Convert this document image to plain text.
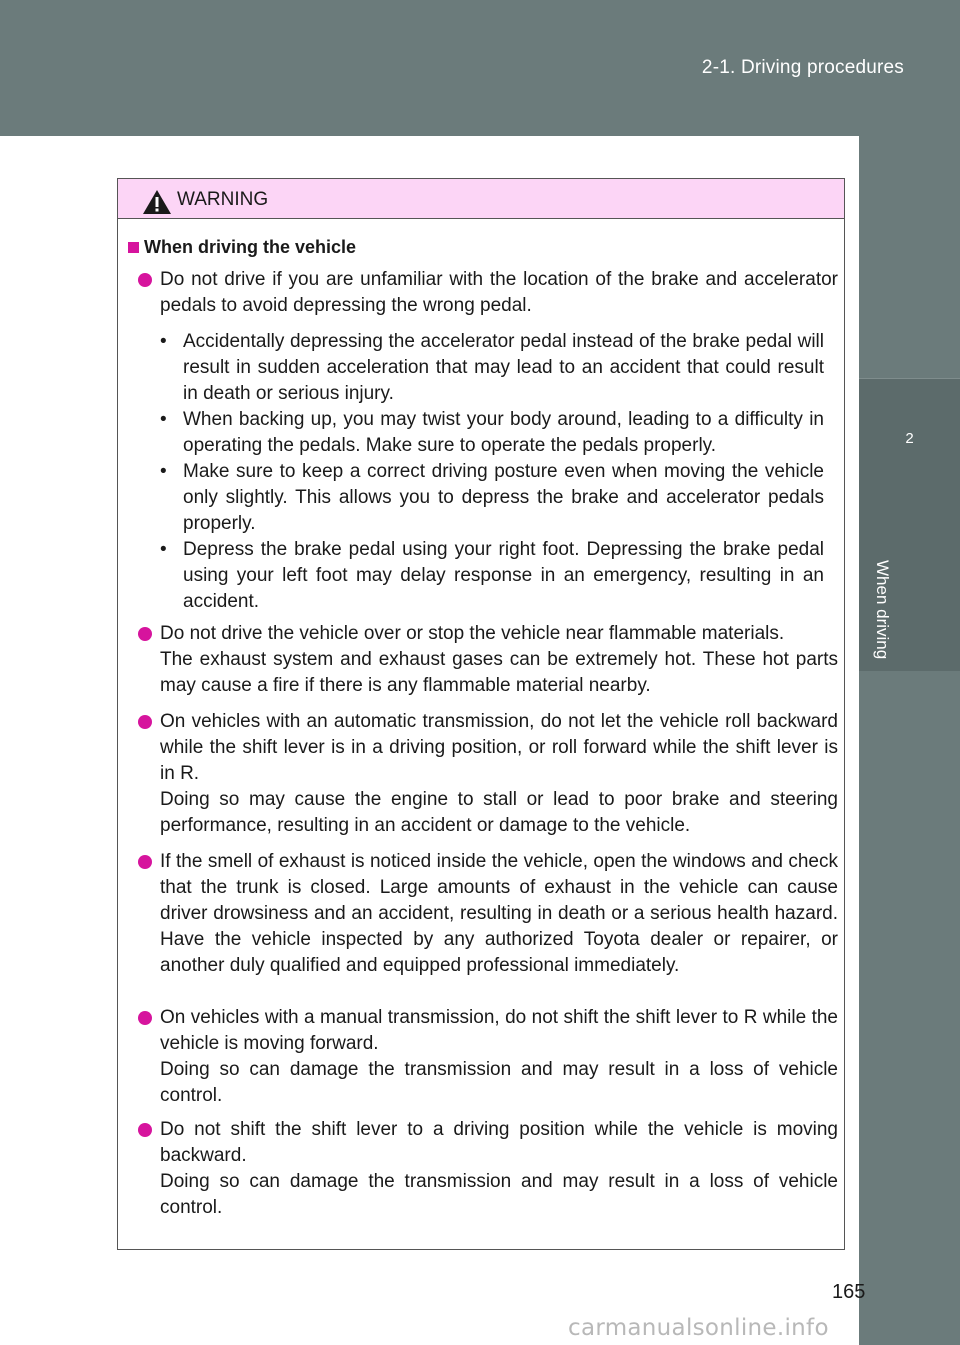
2-1. Driving procedures
2
When driving
WARNING
When driving the vehicle

Do not drive if you are unfamiliar with the location of the brake and accelerator pedals to avoid depressing the wrong pedal.

• Accidentally depressing the accelerator pedal instead of the brake pedal will result in sudden acceleration that may lead to an accident that could result in death or serious injury.

• When backing up, you may twist your body around, leading to a difficulty in operating the pedals. Make sure to operate the pedals properly.

• Make sure to keep a correct driving posture even when moving the vehicle only slightly. This allows you to depress the brake and accelerator pedals properly.

• Depress the brake pedal using your right foot. Depressing the brake pedal using your left foot may delay response in an emergency, resulting in an accident.

Do not drive the vehicle over or stop the vehicle near flammable materials.

The exhaust system and exhaust gases can be extremely hot. These hot parts may cause a fire if there is any flammable material nearby.

On vehicles with an automatic transmission, do not let the vehicle roll backward while the shift lever is in a driving position, or roll forward while the shift lever is in R.

Doing so may cause the engine to stall or lead to poor brake and steering performance, resulting in an accident or damage to the vehicle.

If the smell of exhaust is noticed inside the vehicle, open the windows and check that the trunk is closed. Large amounts of exhaust in the vehicle can cause driver drowsiness and an accident, resulting in death or a serious health hazard. Have the vehicle inspected by any authorized Toyota dealer or repairer, or another duly qualified and equipped professional immediately.

On vehicles with a manual transmission, do not shift the shift lever to R while the vehicle is moving forward.

Doing so can damage the transmission and may result in a loss of vehicle control.

Do not shift the shift lever to a driving position while the vehicle is moving backward.

Doing so can damage the transmission and may result in a loss of vehicle control.

165
carmanualsonline.info
